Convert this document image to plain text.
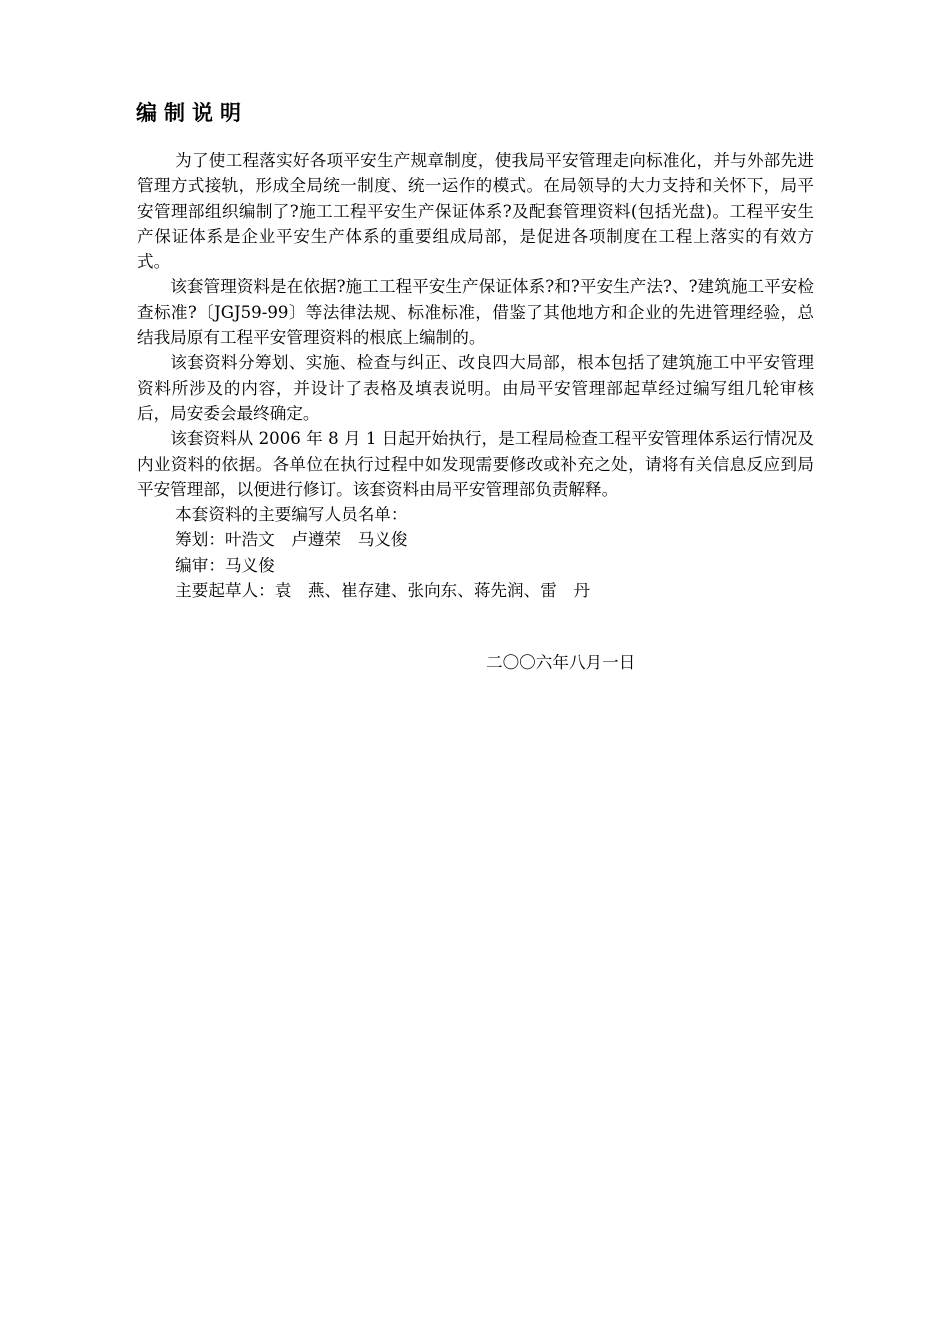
编制说明

为了使工程落实好各项平安生产规章制度，使我局平安管理走向标准化，并与外部先进管理方式接轨，形成全局统一制度、统一运作的模式。在局领导的大力支持和关怀下，局平安管理部组织编制了?施工工程平安生产保证体系?及配套管理资料(包括光盘)。工程平安生产保证体系是企业平安生产体系的重要组成局部，是促进各项制度在工程上落实的有效方式。

该套管理资料是在依据?施工工程平安生产保证体系?和?平安生产法?、?建筑施工平安检查标准?〔JGJ59-99〕等法律法规、标准标准，借鉴了其他地方和企业的先进管理经验，总结我局原有工程平安管理资料的根底上编制的。

该套资料分筹划、实施、检查与纠正、改良四大局部，根本包括了建筑施工中平安管理资料所涉及的内容，并设计了表格及填表说明。由局平安管理部起草经过编写组几轮审核后，局安委会最终确定。

该套资料从 2006 年 8 月 1 日起开始执行，是工程局检查工程平安管理体系运行情况及内业资料的依据。各单位在执行过程中如发现需要修改或补充之处，请将有关信息反应到局平安管理部，以便进行修订。该套资料由局平安管理部负责解释。

本套资料的主要编写人员名单：
筹划：叶浩文　卢遵荣　马义俊
编审：马义俊
主要起草人：袁　燕、崔存建、张向东、蒋先润、雷　丹
二〇〇六年八月一日
